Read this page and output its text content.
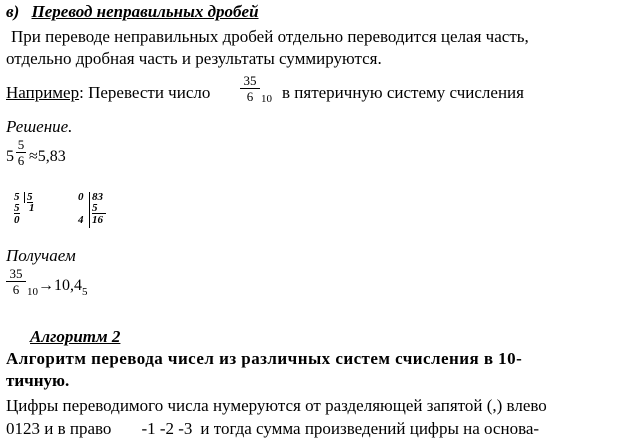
в) Перевод неправильных дробей
При переводе неправильных дробей отдельно переводится целая часть,
отдельно дробная часть и результаты суммируются.
Например: Перевести число
35
6 10 в пятеричную систему счисления
Решение.
5
5
6 ≈5,83
5 5
5 1
0
0 83
5
4 16
Получаем
35
6 $_{10}\to 10,4_5$
Алгоритм 2
Алгоритм перевода чисел из различных систем счисления в 10-
тичную.
Цифры переводимого числа нумеруются от разделяющей запятой (,) влево
0123 и в право -1 -2 -3 и тогда сумма произведений цифры на основа-
